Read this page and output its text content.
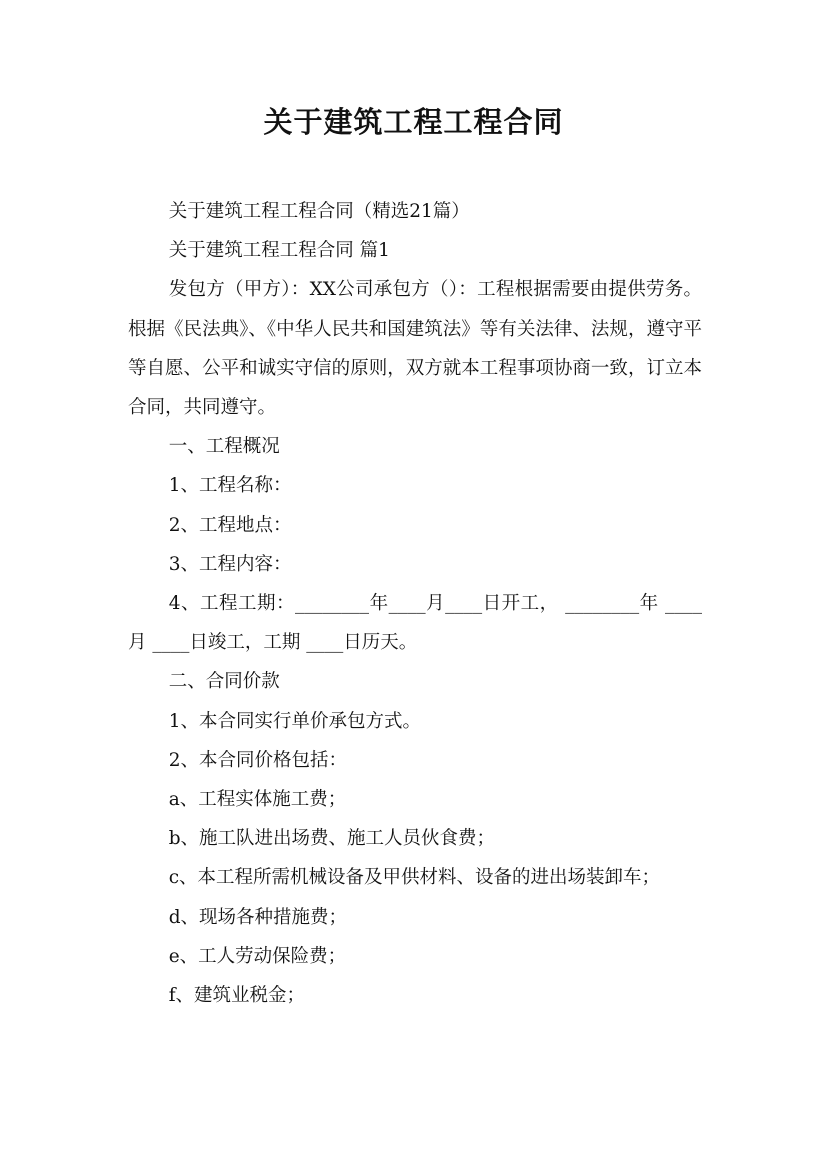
关于建筑工程工程合同

关于建筑工程工程合同（精选21篇）

关于建筑工程工程合同 篇1

发包方（甲方）：XX公司承包方（）：工程根据需要由提供劳务。根据《民法典》、《中华人民共和国建筑法》等有关法律、法规，遵守平等自愿、公平和诚实守信的原则，双方就本工程事项协商一致，订立本合同，共同遵守。

一、工程概况

1、工程名称：

2、工程地点：

3、工程内容：

4、工程工期：________年____月____日开工， ________年 ____月 ____日竣工，工期 ____日历天。

二、合同价款

1、本合同实行单价承包方式。

2、本合同价格包括：

a、工程实体施工费；

b、施工队进出场费、施工人员伙食费；

c、本工程所需机械设备及甲供材料、设备的进出场装卸车；

d、现场各种措施费；

e、工人劳动保险费；

f、建筑业税金；
